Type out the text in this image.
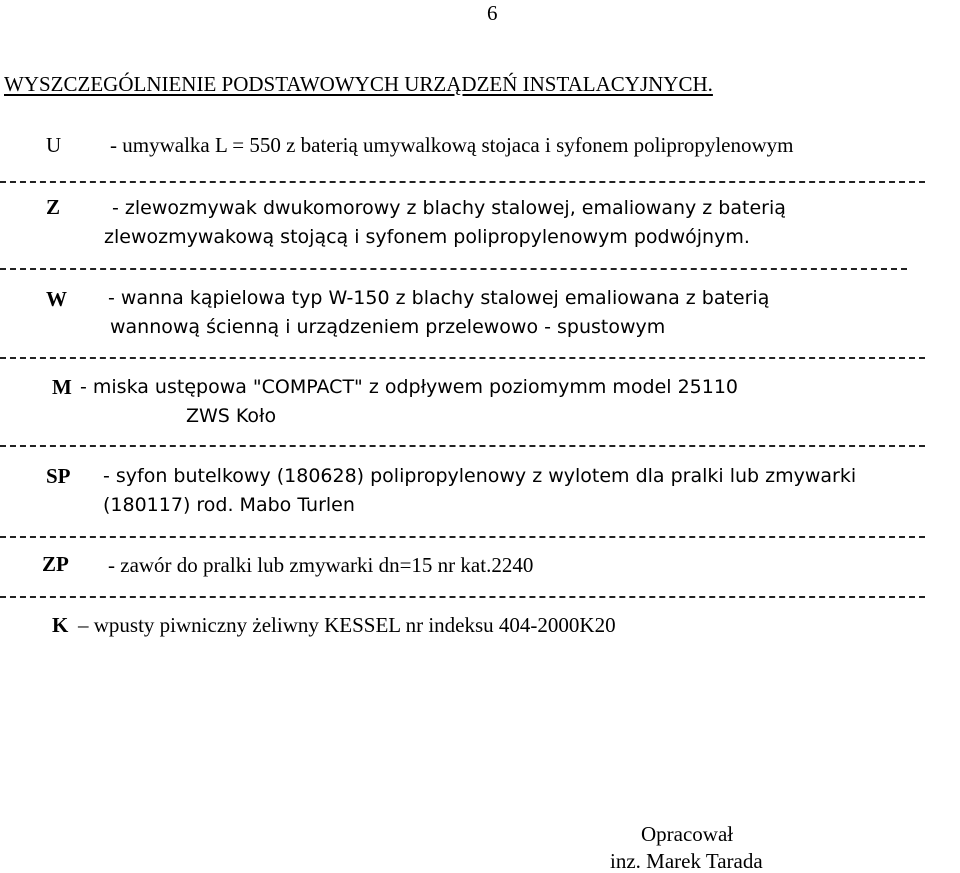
6
WYSZCZEGÓLNIENIE PODSTAWOWYCH URZĄDZEŃ INSTALACYJNYCH.
U - umywalka L = 550 z baterią umywalkową stojaca i syfonem polipropylenowym
Z	- zlewozmywak dwukomorowy z blachy stalowej, emaliowany z baterią
zlewozmywakową stojącą i syfonem polipropylenowym podwójnym.
W - wanna kąpielowa typ W-150 z blachy stalowej emaliowana z baterią
wannową ścienną i urządzeniem przelewowo - spustowym
M - miska ustępowa "COMPACT" z odpływem poziomymm model 25110
ZWS Koło
SP - syfon butelkowy (180628) polipropylenowy z wylotem dla pralki lub zmywarki
(180117) rod. Mabo Turlen
ZP - zawór do pralki lub zmywarki dn=15 nr kat.2240
K – wpusty piwniczny żeliwny KESSEL nr indeksu 404-2000K20
Opracował
inz. Marek Tarada
